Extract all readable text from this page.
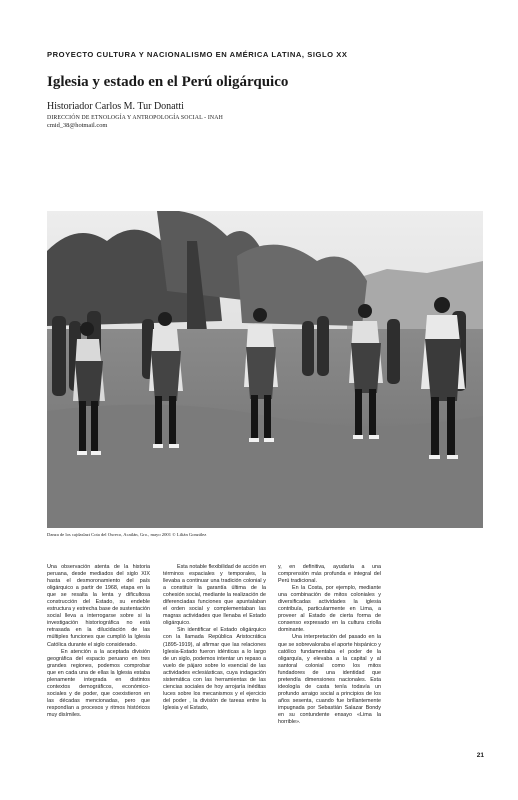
PROYECTO CULTURA Y NACIONALISMO EN AMÉRICA LATINA, SIGLO XX
Iglesia y estado en el Perú oligárquico
Historiador Carlos M. Tur Donatti
DIRECCIÓN DE ETNOLOGÍA Y ANTROPOLOGÍA SOCIAL - INAH
cmid_38@hotmail.com
Danza de los cajdaslazt Cota del Oxreco, Acatlán, Gro., mayo 2001 © Lilián González

Una observación atenta de la historia peruana, desde mediados del siglo XIX hasta el desmoronamiento del país oligárquico a partir de 1968, etapa en la que se resalta la lenta y dificultosa construcción del Estado, su endeble estructura y estrecha base de sustentación social lleva a interrogarse sobre si la investigación historiográfica no está retrasada en la dilucidación de las múltiples funciones que cumplió la Iglesia Católica durante el siglo considerado.

En atención a la aceptada división geográfica del espacio peruano en tres grandes regiones, podemos comprobar que en cada una de ellas la Iglesia estaba plenamente integrada en distintos contextos demográficos, económico-sociales y de poder, que coexistieron en las décadas mencionadas, pero que respondían a procesos y ritmos históricos muy disímiles.

Esta notable flexibilidad de acción en términos espaciales y temporales, la llevaba a continuar una tradición colonial y a constituir la garantía última de la cohesión social, mediante la realización de diferenciadas funciones que apuntalaban el orden social y complementaban las magras actividades que llenaba el Estado oligárquico.

Sin identificar el Estado oligárquico con la llamada República Aristocrática (1895-1919), al afirmar que las relaciones Iglesia-Estado fueron idénticas a lo largo de un siglo, podemos intentar un repaso a vuelo de pájaro sobre lo esencial de las actividades eclesiásticas, cuya indagación sistemática con las herramientas de las ciencias sociales de hoy arrojaría inéditas luces sobre los mecanismos y el ejercicio del poder , la división de tareas entre la Iglesia y el Estado,

y, en definitiva, ayudaría a una comprensión más profunda e integral del Perú tradicional.

En la Costa, por ejemplo, mediante una combinación de mitos coloniales y diversificadas actividades la iglesia contribuía, particularmente en Lima, a proveer al Estado de cierta forma de consenso expresado en la cultura criolla dominante.

Una interpretación del pasado en la que se sobrevaloraba el aporte hispánico y católico fundamentaba el poder de la oligarquía, y elevaba a la capital y al santoral colonial como los mitos fundadores de una identidad que pretendía dimensiones nacionales. Esta ideología de casta tenía todavía un profundo arraigo social a principios de los años sesenta, cuando fue brillantemente impugnada por Sebastián Salazar Bondy en su contundente ensayo «Lima la horrible».

21
